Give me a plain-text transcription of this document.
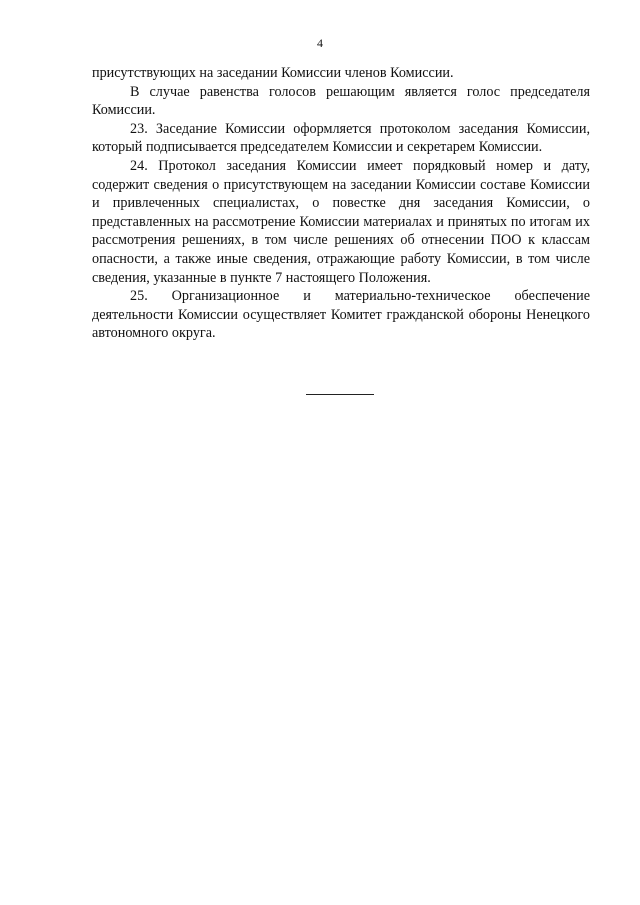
4

присутствующих на заседании Комиссии членов Комиссии.

В случае равенства голосов решающим является голос председателя Комиссии.

23. Заседание Комиссии оформляется протоколом заседания Комиссии, который подписывается председателем Комиссии и секретарем Комиссии.

24. Протокол заседания Комиссии имеет порядковый номер и дату, содержит сведения о присутствующем на заседании Комиссии составе Комиссии и привлеченных специалистах, о повестке дня заседания Комиссии, о представленных на рассмотрение Комиссии материалах и принятых по итогам их рассмотрения решениях, в том числе решениях об отнесении ПОО к классам опасности, а также иные сведения, отражающие работу Комиссии, в том числе сведения, указанные в пункте 7 настоящего Положения.

25. Организационное и материально-техническое обеспечение деятельности Комиссии осуществляет Комитет гражданской обороны Ненецкого автономного округа.
